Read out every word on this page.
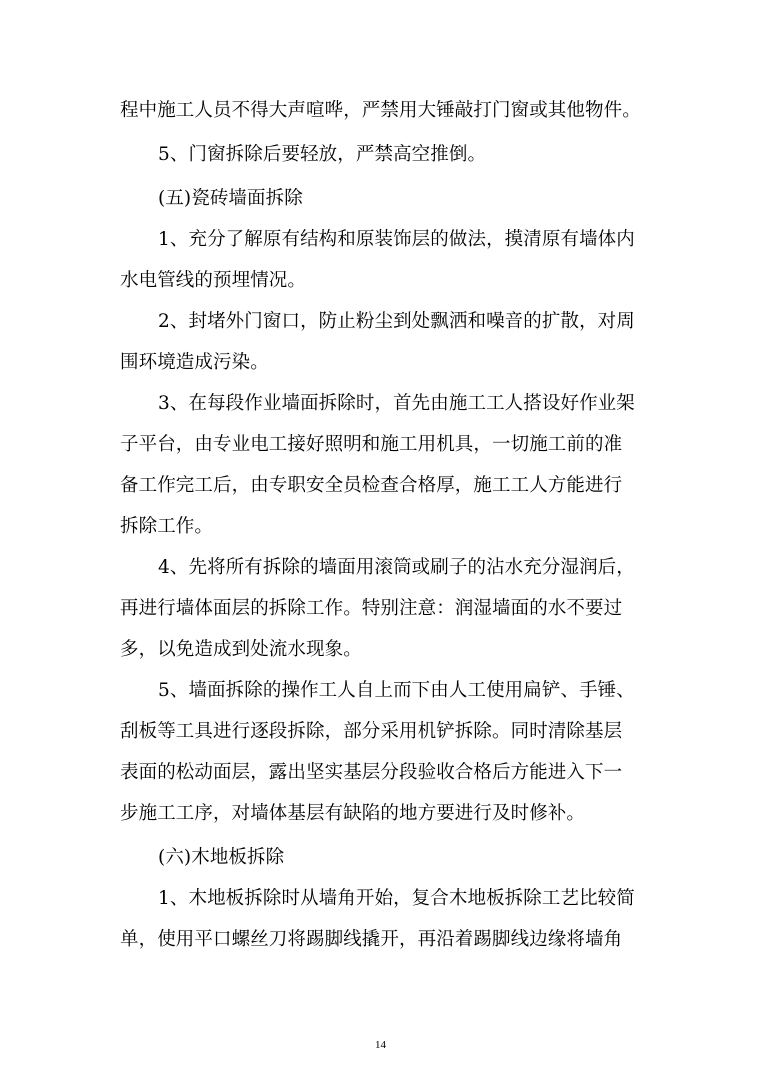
程中施工人员不得大声喧哗，严禁用大锤敲打门窗或其他物件。
5、门窗拆除后要轻放，严禁高空推倒。
(五)瓷砖墙面拆除
1、充分了解原有结构和原装饰层的做法，摸清原有墙体内
水电管线的预埋情况。
2、封堵外门窗口，防止粉尘到处飘洒和噪音的扩散，对周
围环境造成污染。
3、在每段作业墙面拆除时，首先由施工工人搭设好作业架
子平台，由专业电工接好照明和施工用机具，一切施工前的准
备工作完工后，由专职安全员检查合格厚，施工工人方能进行
拆除工作。
4、先将所有拆除的墙面用滚筒或刷子的沾水充分湿润后，
再进行墙体面层的拆除工作。特别注意：润湿墙面的水不要过
多，以免造成到处流水现象。
5、墙面拆除的操作工人自上而下由人工使用扁铲、手锤、
刮板等工具进行逐段拆除，部分采用机铲拆除。同时清除基层
表面的松动面层，露出坚实基层分段验收合格后方能进入下一
步施工工序，对墙体基层有缺陷的地方要进行及时修补。
(六)木地板拆除
1、木地板拆除时从墙角开始，复合木地板拆除工艺比较简
单，使用平口螺丝刀将踢脚线撬开，再沿着踢脚线边缘将墙角
14
